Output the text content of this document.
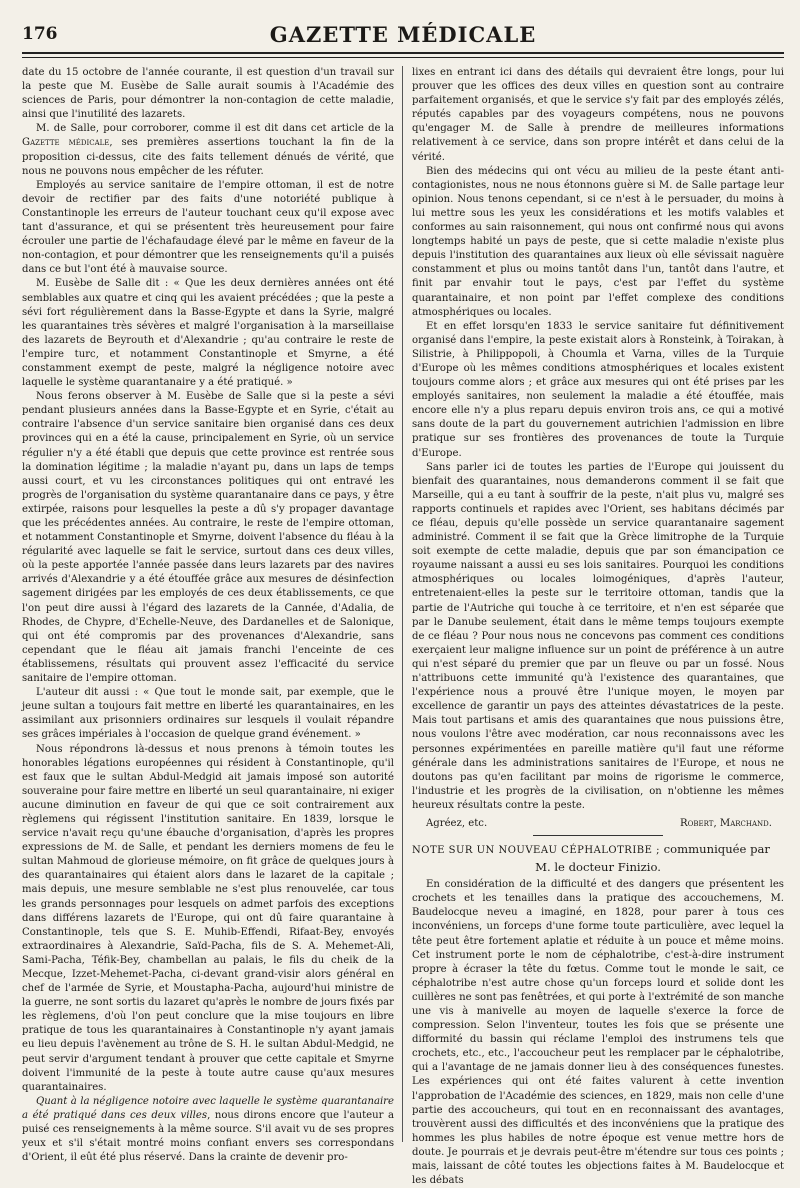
176	GAZETTE MÉDICALE

date du 15 octobre de l'année courante, il est question d'un travail sur la peste que M. Eusèbe de Salle aurait soumis à l'Académie des sciences de Paris, pour démontrer la non-contagion de cette maladie, ainsi que l'inutilité des lazarets.

M. de Salle, pour corroborer, comme il est dit dans cet article de la Gazette médicale, ses premières assertions touchant la fin de la proposition ci-dessus, cite des faits tellement dénués de vérité, que nous ne pouvons nous empêcher de les réfuter.

Employés au service sanitaire de l'empire ottoman, il est de notre devoir de rectifier par des faits d'une notoriété publique à Constantinople les erreurs de l'auteur touchant ceux qu'il expose avec tant d'assurance, et qui se présentent très heureusement pour faire écrouler une partie de l'échafaudage élevé par le même en faveur de la non-contagion, et pour démontrer que les renseignements qu'il a puisés dans ce but l'ont été à mauvaise source.

M. Eusèbe de Salle dit : « Que les deux dernières années ont été semblables aux quatre et cinq qui les avaient précédées ; que la peste a sévi fort régulièrement dans la Basse-Egypte et dans la Syrie, malgré les quarantaines très sévères et malgré l'organisation à la marseillaise des lazarets de Beyrouth et d'Alexandrie ; qu'au contraire le reste de l'empire turc, et notamment Constantinople et Smyrne, a été constamment exempt de peste, malgré la négligence notoire avec laquelle le système quarantanaire y a été pratiqué. »

Nous ferons observer à M. Eusèbe de Salle que si la peste a sévi pendant plusieurs années dans la Basse-Egypte et en Syrie, c'était au contraire l'absence d'un service sanitaire bien organisé dans ces deux provinces qui en a été la cause, principalement en Syrie, où un service régulier n'y a été établi que depuis que cette province est rentrée sous la domination légitime ; la maladie n'ayant pu, dans un laps de temps aussi court, et vu les circonstances politiques qui ont entravé les progrès de l'organisation du système quarantanaire dans ce pays, y être extirpée, raisons pour lesquelles la peste a dû s'y propager davantage que les précédentes années. Au contraire, le reste de l'empire ottoman, et notamment Constantinople et Smyrne, doivent l'absence du fléau à la régularité avec laquelle se fait le service, surtout dans ces deux villes, où la peste apportée l'année passée dans leurs lazarets par des navires arrivés d'Alexandrie y a été étouffée grâce aux mesures de désinfection sagement dirigées par les employés de ces deux établissements, ce que l'on peut dire aussi à l'égard des lazarets de la Cannée, d'Adalia, de Rhodes, de Chypre, d'Echelle-Neuve, des Dardanelles et de Salonique, qui ont été compromis par des provenances d'Alexandrie, sans cependant que le fléau ait jamais franchi l'enceinte de ces établissemens, résultats qui prouvent assez l'efficacité du service sanitaire de l'empire ottoman.

L'auteur dit aussi : « Que tout le monde sait, par exemple, que le jeune sultan a toujours fait mettre en liberté les quarantainaires, en les assimilant aux prisonniers ordinaires sur lesquels il voulait répandre ses grâces impériales à l'occasion de quelque grand événement. »

Nous répondrons là-dessus et nous prenons à témoin toutes les honorables légations européennes qui résident à Constantinople, qu'il est faux que le sultan Abdul-Medgid ait jamais imposé son autorité souveraine pour faire mettre en liberté un seul quarantainaire, ni exiger aucune diminution en faveur de qui que ce soit contrairement aux règlemens qui régissent l'institution sanitaire. En 1839, lorsque le service n'avait reçu qu'une ébauche d'organisation, d'après les propres expressions de M. de Salle, et pendant les derniers momens de feu le sultan Mahmoud de glorieuse mémoire, on fit grâce de quelques jours à des quarantainaires qui étaient alors dans le lazaret de la capitale ; mais depuis, une mesure semblable ne s'est plus renouvelée, car tous les grands personnages pour lesquels on admet parfois des exceptions dans différens lazarets de l'Europe, qui ont dû faire quarantaine à Constantinople, tels que S. E. Muhib-Effendi, Rifaat-Bey, envoyés extraordinaires à Alexandrie, Saïd-Pacha, fils de S. A. Mehemet-Ali, Sami-Pacha, Téfik-Bey, chambellan au palais, le fils du cheik de la Mecque, Izzet-Mehemet-Pacha, ci-devant grand-visir alors général en chef de l'armée de Syrie, et Moustapha-Pacha, aujourd'hui ministre de la guerre, ne sont sortis du lazaret qu'après le nombre de jours fixés par les règlemens, d'où l'on peut conclure que la mise toujours en libre pratique de tous les quarantainaires à Constantinople n'y ayant jamais eu lieu depuis l'avènement au trône de S. H. le sultan Abdul-Medgid, ne peut servir d'argument tendant à prouver que cette capitale et Smyrne doivent l'immunité de la peste à toute autre cause qu'aux mesures quarantainaires.

Quant à la négligence notoire avec laquelle le système quarantanaire a été pratiqué dans ces deux villes, nous dirons encore que l'auteur a puisé ces renseignements à la même source. S'il avait vu de ses propres yeux et s'il s'était montré moins confiant envers ses correspondans d'Orient, il eût été plus réservé. Dans la crainte de devenir pro-

lixes en entrant ici dans des détails qui devraient être longs, pour lui prouver que les offices des deux villes en question sont au contraire parfaitement organisés, et que le service s'y fait par des employés zélés, réputés capables par des voyageurs compétens, nous ne pouvons qu'engager M. de Salle à prendre de meilleures informations relativement à ce service, dans son propre intérêt et dans celui de la vérité.

Bien des médecins qui ont vécu au milieu de la peste étant anti-contagionistes, nous ne nous étonnons guère si M. de Salle partage leur opinion. Nous tenons cependant, si ce n'est à le persuader, du moins à lui mettre sous les yeux les considérations et les motifs valables et conformes au sain raisonnement, qui nous ont confirmé nous qui avons longtemps habité un pays de peste, que si cette maladie n'existe plus depuis l'institution des quarantaines aux lieux où elle sévissait naguère constamment et plus ou moins tantôt dans l'un, tantôt dans l'autre, et finit par envahir tout le pays, c'est par l'effet du système quarantainaire, et non point par l'effet complexe des conditions atmosphériques ou locales.

Et en effet lorsqu'en 1833 le service sanitaire fut définitivement organisé dans l'empire, la peste existait alors à Ronsteink, à Toirakan, à Silistrie, à Philippopoli, à Choumla et Varna, villes de la Turquie d'Europe où les mêmes conditions atmosphériques et locales existent toujours comme alors ; et grâce aux mesures qui ont été prises par les employés sanitaires, non seulement la maladie a été étouffée, mais encore elle n'y a plus reparu depuis environ trois ans, ce qui a motivé sans doute de la part du gouvernement autrichien l'admission en libre pratique sur ses frontières des provenances de toute la Turquie d'Europe.

Sans parler ici de toutes les parties de l'Europe qui jouissent du bienfait des quarantaines, nous demanderons comment il se fait que Marseille, qui a eu tant à souffrir de la peste, n'ait plus vu, malgré ses rapports continuels et rapides avec l'Orient, ses habitans décimés par ce fléau, depuis qu'elle possède un service quarantanaire sagement administré. Comment il se fait que la Grèce limitrophe de la Turquie soit exempte de cette maladie, depuis que par son émancipation ce royaume naissant a aussi eu ses lois sanitaires. Pourquoi les conditions atmosphériques ou locales loimogéniques, d'après l'auteur, entretenaient-elles la peste sur le territoire ottoman, tandis que la partie de l'Autriche qui touche à ce territoire, et n'en est séparée que par le Danube seulement, était dans le même temps toujours exempte de ce fléau ? Pour nous nous ne concevons pas comment ces conditions exerçaient leur maligne influence sur un point de préférence à un autre qui n'est séparé du premier que par un fleuve ou par un fossé. Nous n'attribuons cette immunité qu'à l'existence des quarantaines, que l'expérience nous a prouvé être l'unique moyen, le moyen par excellence de garantir un pays des atteintes dévastatrices de la peste. Mais tout partisans et amis des quarantaines que nous puissions être, nous voulons l'être avec modération, car nous reconnaissons avec les personnes expérimentées en pareille matière qu'il faut une réforme générale dans les administrations sanitaires de l'Europe, et nous ne doutons pas qu'en facilitant par moins de rigorisme le commerce, l'industrie et les progrès de la civilisation, on n'obtienne les mêmes heureux résultats contre la peste.

Agréez, etc.	Robert, Marchand.
NOTE SUR UN NOUVEAU CÉPHALOTRIBE ; communiquée par
M. le docteur Finizio.

En considération de la difficulté et des dangers que présentent les crochets et les tenailles dans la pratique des accouchemens, M. Baudelocque neveu a imaginé, en 1828, pour parer à tous ces inconvéniens, un forceps d'une forme toute particulière, avec lequel la tête peut être fortement aplatie et réduite à un pouce et même moins. Cet instrument porte le nom de céphalotribe, c'est-à-dire instrument propre à écraser la tête du fœtus. Comme tout le monde le sait, ce céphalotribe n'est autre chose qu'un forceps lourd et solide dont les cuillères ne sont pas fenêtrées, et qui porte à l'extrémité de son manche une vis à manivelle au moyen de laquelle s'exerce la force de compression. Selon l'inventeur, toutes les fois que se présente une difformité du bassin qui réclame l'emploi des instrumens tels que crochets, etc., etc., l'accoucheur peut les remplacer par le céphalotribe, qui a l'avantage de ne jamais donner lieu à des conséquences funestes. Les expériences qui ont été faites valurent à cette invention l'approbation de l'Académie des sciences, en 1829, mais non celle d'une partie des accoucheurs, qui tout en en reconnaissant des avantages, trouvèrent aussi des difficultés et des inconvéniens que la pratique des hommes les plus habiles de notre époque est venue mettre hors de doute. Je pourrais et je devrais peut-être m'étendre sur tous ces points ; mais, laissant de côté toutes les objections faites à M. Baudelocque et les débats
